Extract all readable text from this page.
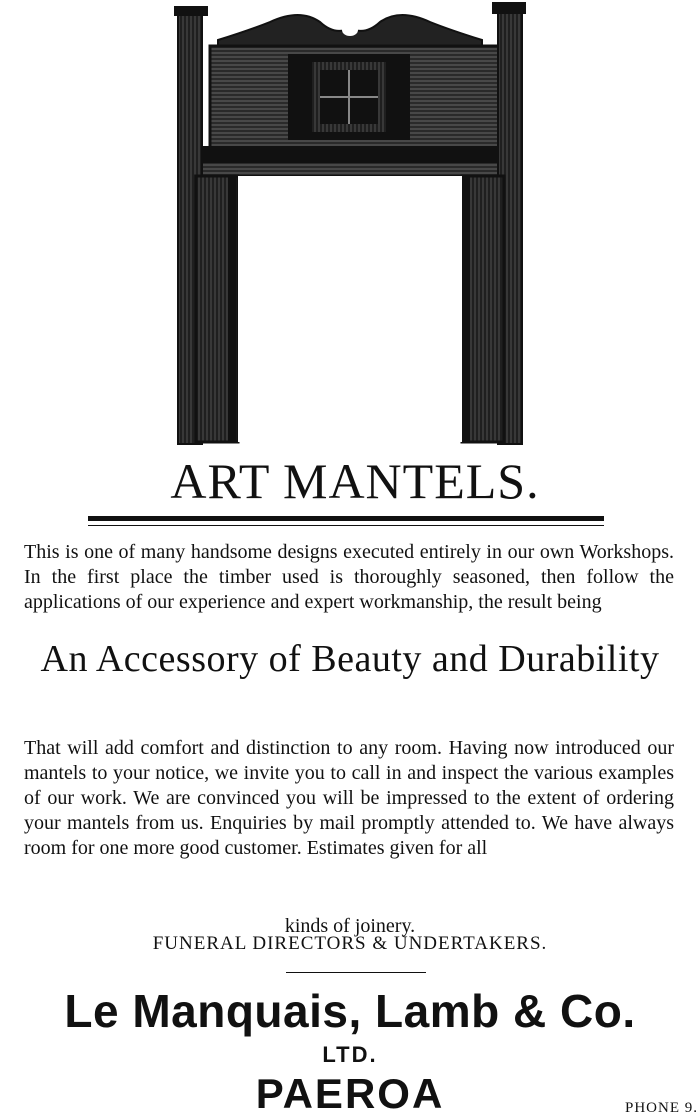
ART MANTELS.
This is one of many handsome designs executed entirely in our own Workshops. In the first place the timber used is thoroughly seasoned, then follow the applications of our experience and expert workmanship, the result being
An Accessory of Beauty and Durability
That will add comfort and distinction to any room. Having now introduced our mantels to your notice, we invite you to call in and inspect the various examples of our work. We are convinced you will be impressed to the extent of ordering your mantels from us. Enquiries by mail promptly attended to. We have always room for one more good customer. Estimates given for all
kinds of joinery.
FUNERAL DIRECTORS & UNDERTAKERS.
Le Manquais, Lamb & Co.
LTD.
PAEROA	PHONE 9.
